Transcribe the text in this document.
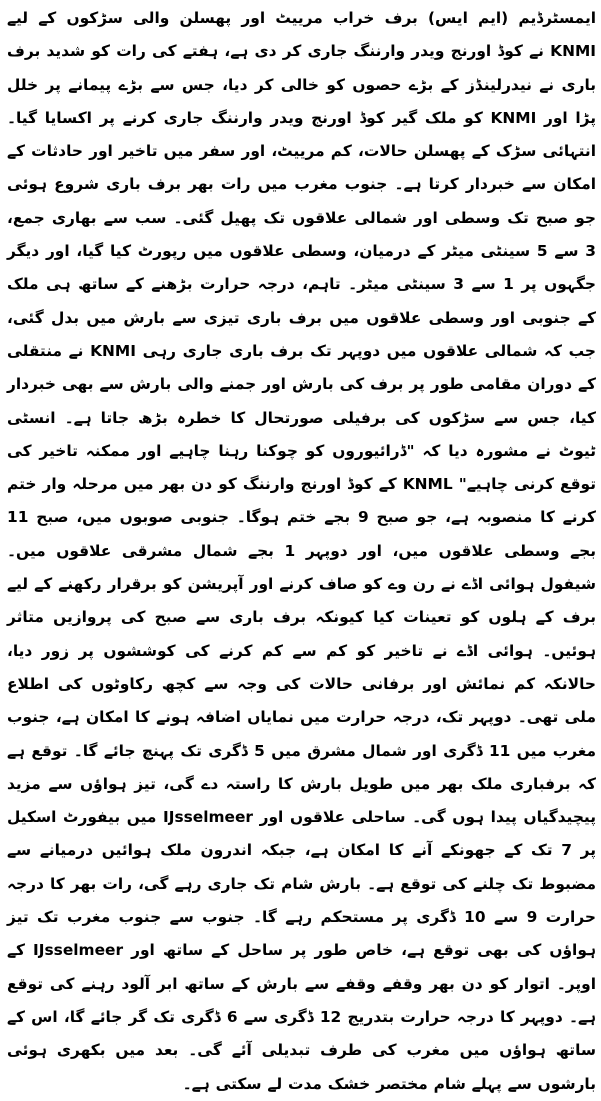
ایمسٹرڈیم (ایم ایس) برف خراب مرییٹ اور پھسلن والی سڑکوں کے لیے KNMI نے کوڈ اورنج ویدر وارننگ جاری کر دی ہے، ہفتے کی رات کو شدید برف باری نے نیدرلینڈز کے بڑے حصوں کو خالی کر دیا، جس سے بڑے پیمانے پر خلل پڑا اور KNMI کو ملک گیر کوڈ اورنج ویدر وارننگ جاری کرنے پر اکسایا گیا۔ انتہائی سڑک کے پھسلن حالات، کم مرییٹ، اور سفر میں تاخیر اور حادثات کے امکان سے خبردار کرتا ہے۔ جنوب مغرب میں رات بھر برف باری شروع ہوئی جو صبح تک وسطی اور شمالی علاقوں تک پھیل گئی۔ سب سے بھاری جمع، 3 سے 5 سینٹی میٹر کے درمیان، وسطی علاقوں میں رپورٹ کیا گیا، اور دیگر جگہوں پر 1 سے 3 سینٹی میٹر۔ تاہم، درجہ حرارت بڑھنے کے ساتھ ہی ملک کے جنوبی اور وسطی علاقوں میں برف باری تیزی سے بارش میں بدل گئی، جب کہ شمالی علاقوں میں دوپہر تک برف باری جاری رہی KNMI نے منتقلی کے دوران مقامی طور پر برف کی بارش اور جمنے والی بارش سے بھی خبردار کیا، جس سے سڑکوں کی برفیلی صورتحال کا خطرہ بڑھ جاتا ہے۔ انسٹی ٹیوٹ نے مشورہ دیا کہ "ڈرائیوروں کو چوکنا رہنا چاہیے اور ممکنہ تاخیر کی توقع کرنی چاہیے" KNML کے کوڈ اورنج وارننگ کو دن بھر میں مرحلہ وار ختم کرنے کا منصوبہ ہے، جو صبح 9 بجے ختم ہوگا۔ جنوبی صوبوں میں، صبح 11 بجے وسطی علاقوں میں، اور دوپہر 1 بجے شمال مشرقی علاقوں میں۔ شیفول ہوائی اڈے نے رن وے کو صاف کرنے اور آپریشن کو برقرار رکھنے کے لیے برف کے ہلوں کو تعینات کیا کیونکہ برف باری سے صبح کی پروازیں متاثر ہوئیں۔ ہوائی اڈے نے تاخیر کو کم سے کم کرنے کی کوششوں پر زور دیا، حالانکہ کم نمائش اور برفانی حالات کی وجہ سے کچھ رکاوٹوں کی اطلاع ملی تھی۔ دوپہر تک، درجہ حرارت میں نمایاں اضافہ ہونے کا امکان ہے، جنوب مغرب میں 11 ڈگری اور شمال مشرق میں 5 ڈگری تک پہنچ جائے گا۔ توقع ہے کہ برفباری ملک بھر میں طویل بارش کا راستہ دے گی، تیز ہواؤں سے مزید پیچیدگیاں پیدا ہوں گی۔ ساحلی علاقوں اور IJsselmeer میں بیفورٹ اسکیل پر 7 تک کے جھونکے آنے کا امکان ہے، جبکہ اندرون ملک ہوائیں درمیانے سے مضبوط تک چلنے کی توقع ہے۔ بارش شام تک جاری رہے گی، رات بھر کا درجہ حرارت 9 سے 10 ڈگری پر مستحکم رہے گا۔ جنوب سے جنوب مغرب تک تیز ہواؤں کی بھی توقع ہے، خاص طور پر ساحل کے ساتھ اور IJsselmeer کے اوپر۔ اتوار کو دن بھر وقفے وقفے سے بارش کے ساتھ ابر آلود رہنے کی توقع ہے۔ دوپہر کا درجہ حرارت بتدریج 12 ڈگری سے 6 ڈگری تک گر جائے گا، اس کے ساتھ ہواؤں میں مغرب کی طرف تبدیلی آئے گی۔ بعد میں بکھری ہوئی بارشوں سے پہلے شام مختصر خشک مدت لے سکتی ہے۔
